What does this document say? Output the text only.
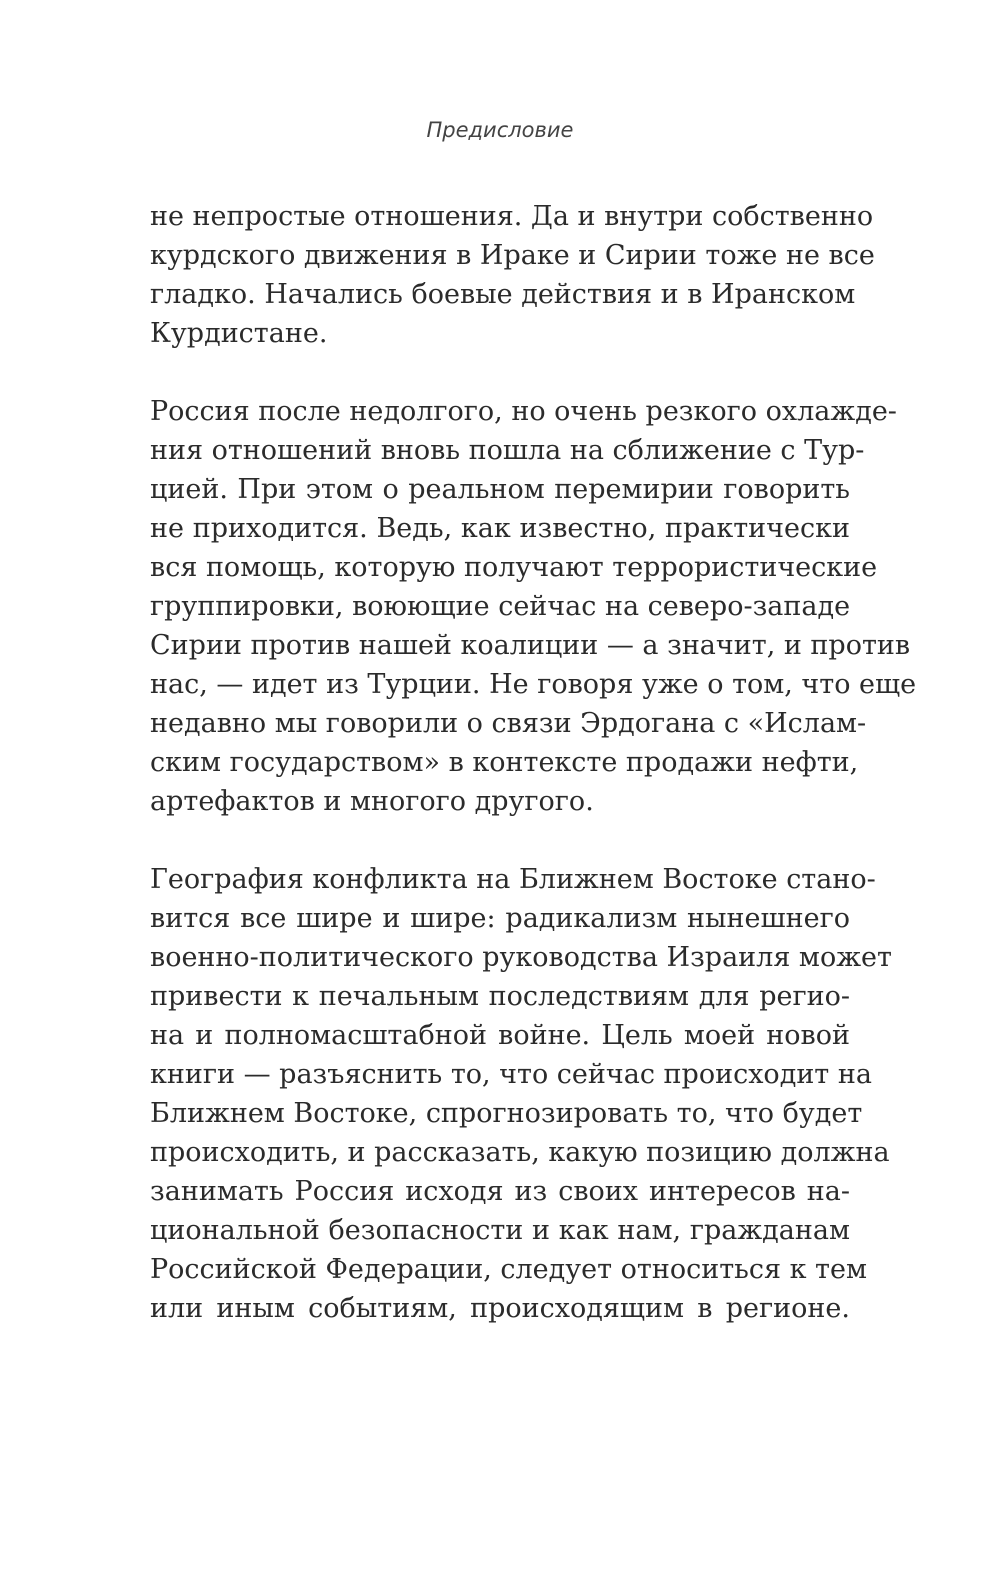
Предисловие

не непростые отношения. Да и внутри собственно
курдского движения в Ираке и Сирии тоже не все
гладко. Начались боевые действия и в Иранском
Курдистане.

Россия после недолгого, но очень резкого охлажде-
ния отношений вновь пошла на сближение с Тур-
цией. При этом о реальном перемирии говорить
не приходится. Ведь, как известно, практически
вся помощь, которую получают террористические
группировки, воюющие сейчас на северо-западе
Сирии против нашей коалиции — а значит, и против
нас, — идет из Турции. Не говоря уже о том, что еще
недавно мы говорили о связи Эрдогана с «Ислам-
ским государством» в контексте продажи нефти,
артефактов и многого другого.

География конфликта на Ближнем Востоке стано-
вится все шире и шире: радикализм нынешнего
военно-политического руководства Израиля может
привести к печальным последствиям для регио-
на и полномасштабной войне. Цель моей новой
книги — разъяснить то, что сейчас происходит на
Ближнем Востоке, спрогнозировать то, что будет
происходить, и рассказать, какую позицию должна
занимать Россия исходя из своих интересов на-
циональной безопасности и как нам, гражданам
Российской Федерации, следует относиться к тем
или иным событиям, происходящим в регионе.
